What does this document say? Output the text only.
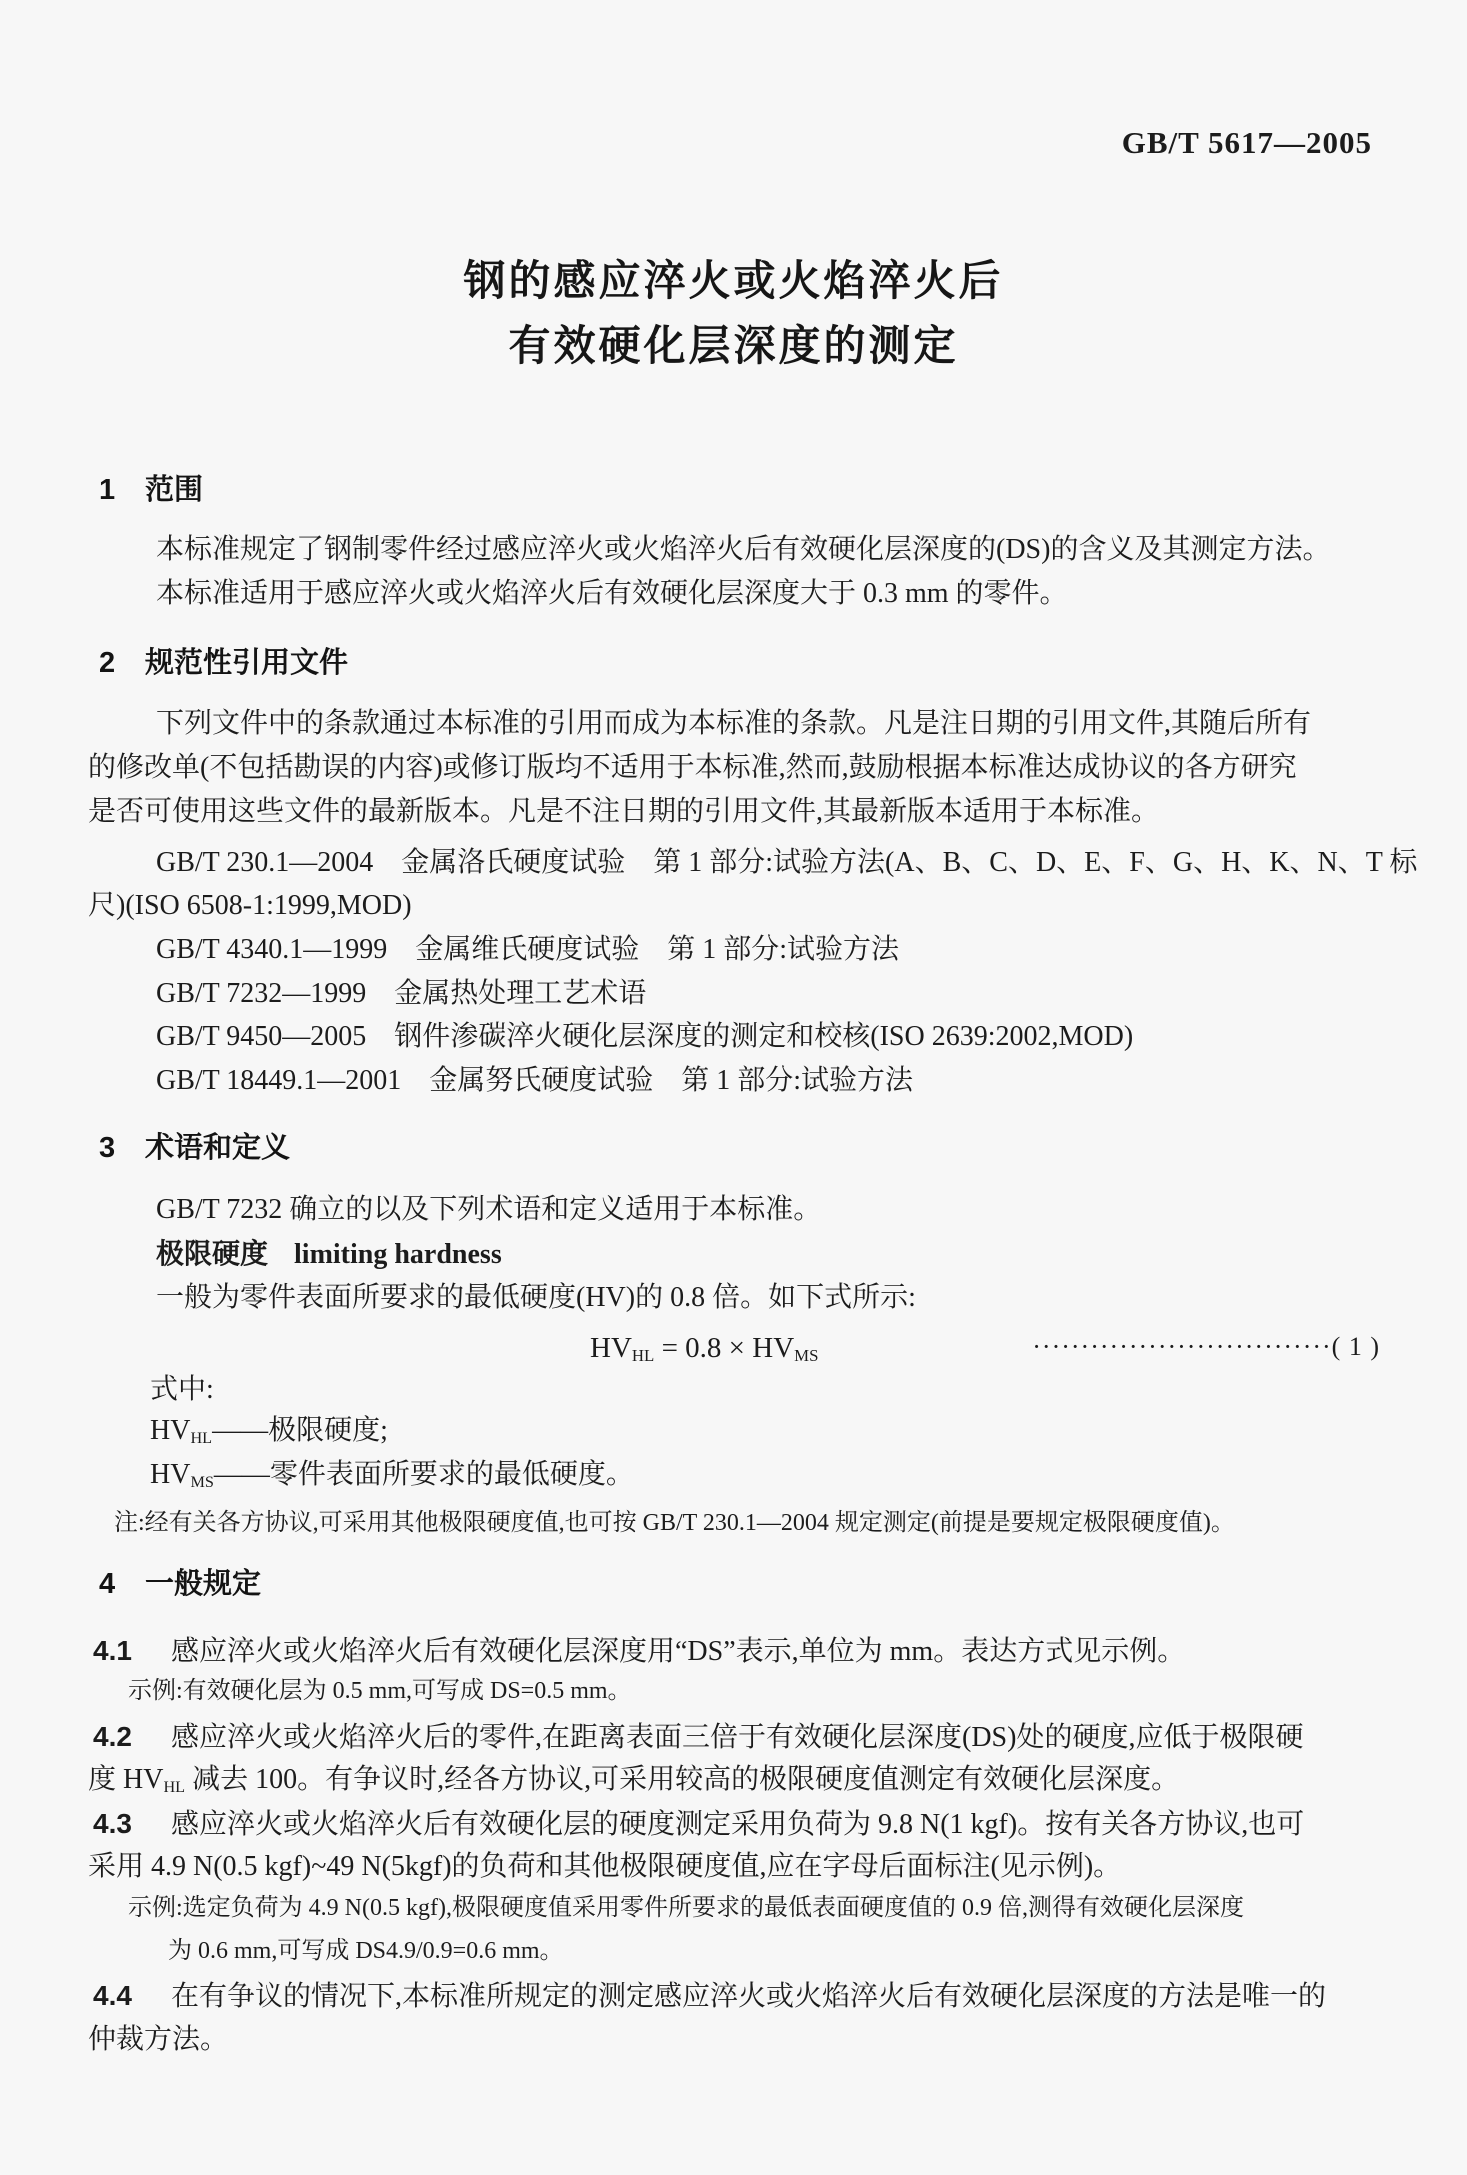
GB/T 5617—2005
钢的感应淬火或火焰淬火后
有效硬化层深度的测定
1 范围
本标准规定了钢制零件经过感应淬火或火焰淬火后有效硬化层深度的(DS)的含义及其测定方法。
本标准适用于感应淬火或火焰淬火后有效硬化层深度大于 0.3 mm 的零件。
2 规范性引用文件
下列文件中的条款通过本标准的引用而成为本标准的条款。凡是注日期的引用文件,其随后所有
的修改单(不包括勘误的内容)或修订版均不适用于本标准,然而,鼓励根据本标准达成协议的各方研究
是否可使用这些文件的最新版本。凡是不注日期的引用文件,其最新版本适用于本标准。
GB/T 230.1—2004　金属洛氏硬度试验　第 1 部分:试验方法(A、B、C、D、E、F、G、H、K、N、T 标
尺)(ISO 6508-1:1999,MOD)
GB/T 4340.1—1999　金属维氏硬度试验　第 1 部分:试验方法
GB/T 7232—1999　金属热处理工艺术语
GB/T 9450—2005　钢件渗碳淬火硬化层深度的测定和校核(ISO 2639:2002,MOD)
GB/T 18449.1—2001　金属努氏硬度试验　第 1 部分:试验方法
3 术语和定义
GB/T 7232 确立的以及下列术语和定义适用于本标准。
极限硬度 limiting hardness
一般为零件表面所要求的最低硬度(HV)的 0.8 倍。如下式所示:
$HV_{HL} = 0.8 \times HV_{MS}$	·······························( 1 )
式中:
$HV_{HL}——$极限硬度;
$HV_{MS}——$零件表面所要求的最低硬度。
注:经有关各方协议,可采用其他极限硬度值,也可按 GB/T 230.1—2004 规定测定(前提是要规定极限硬度值)。
4 一般规定
4.1 感应淬火或火焰淬火后有效硬化层深度用“DS”表示,单位为 mm。表达方式见示例。
示例:有效硬化层为 0.5 mm,可写成 DS=0.5 mm。
4.2 感应淬火或火焰淬火后的零件,在距离表面三倍于有效硬化层深度(DS)处的硬度,应低于极限硬
度 $HV_{HL}$ 减去 100。有争议时,经各方协议,可采用较高的极限硬度值测定有效硬化层深度。
4.3 感应淬火或火焰淬火后有效硬化层的硬度测定采用负荷为 9.8 N(1 kgf)。按有关各方协议,也可
采用 4.9 N(0.5 kgf)~49 N(5kgf)的负荷和其他极限硬度值,应在字母后面标注(见示例)。
示例:选定负荷为 4.9 N(0.5 kgf),极限硬度值采用零件所要求的最低表面硬度值的 0.9 倍,测得有效硬化层深度
为 0.6 mm,可写成 DS4.9/0.9=0.6 mm。
4.4 在有争议的情况下,本标准所规定的测定感应淬火或火焰淬火后有效硬化层深度的方法是唯一的
仲裁方法。
